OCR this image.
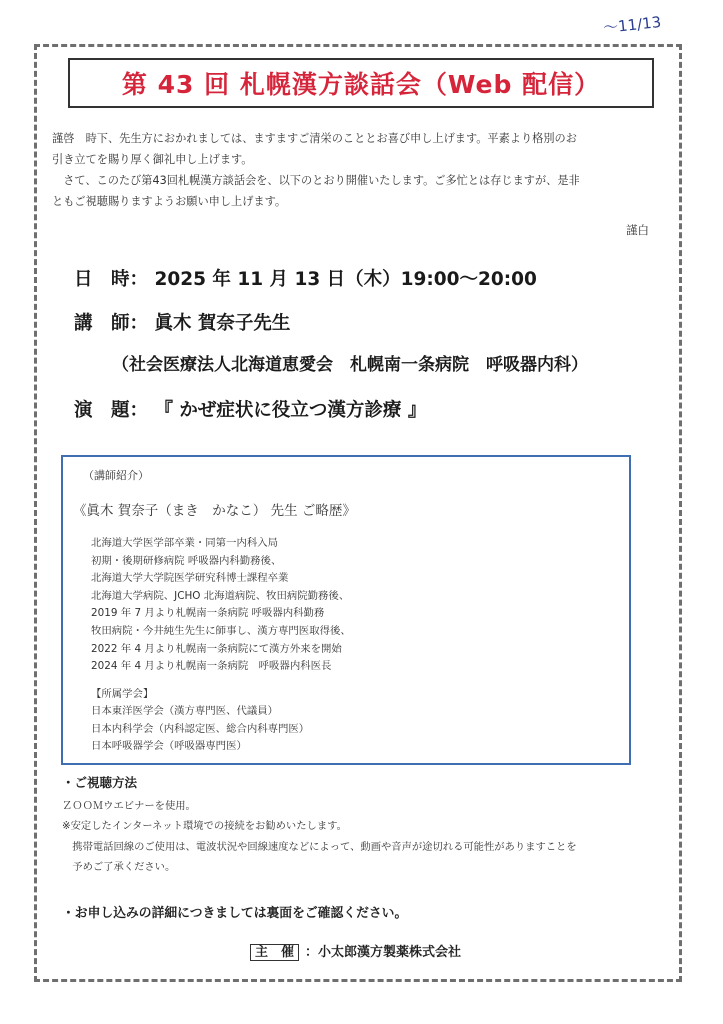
～11/13
第 43 回 札幌漢方談話会（Web 配信）

謹啓　時下、先生方におかれましては、ますますご清栄のこととお喜び申し上げます。平素より格別のお

引き立てを賜り厚く御礼申し上げます。

　さて、このたび第43回札幌漢方談話会を、以下のとおり開催いたします。ご多忙とは存じますが、是非

ともご視聴賜りますようお願い申し上げます。

謹白
日　時： 2025 年 11 月 13 日（木）19:00～20:00
講　師： 眞木 賀奈子先生
（社会医療法人北海道恵愛会　札幌南一条病院　呼吸器内科）
演　題： 『 かぜ症状に役立つ漢方診療 』
（講師紹介）
《眞木 賀奈子（まき　かなこ） 先生 ご略歴》
北海道大学医学部卒業・同第一内科入局
初期・後期研修病院 呼吸器内科勤務後、
北海道大学大学院医学研究科博士課程卒業
北海道大学病院、JCHO 北海道病院、牧田病院勤務後、
2019 年 7 月より札幌南一条病院 呼吸器内科勤務
牧田病院・今井純生先生に師事し、漢方専門医取得後、
2022 年 4 月より札幌南一条病院にて漢方外来を開始
2024 年 4 月より札幌南一条病院　呼吸器内科医長
【所属学会】
日本東洋医学会（漢方専門医、代議員）
日本内科学会（内科認定医、総合内科専門医）
日本呼吸器学会（呼吸器専門医）
・ご視聴方法
ＺＯＯＭウエビナーを使用。
※安定したインターネット環境での接続をお勧めいたします。
　携帯電話回線のご使用は、電波状況や回線速度などによって、動画や音声が途切れる可能性がありますことを
　予めご了承ください。
・お申し込みの詳細につきましては裏面をご確認ください。
主　催 ：小太郎漢方製薬株式会社
